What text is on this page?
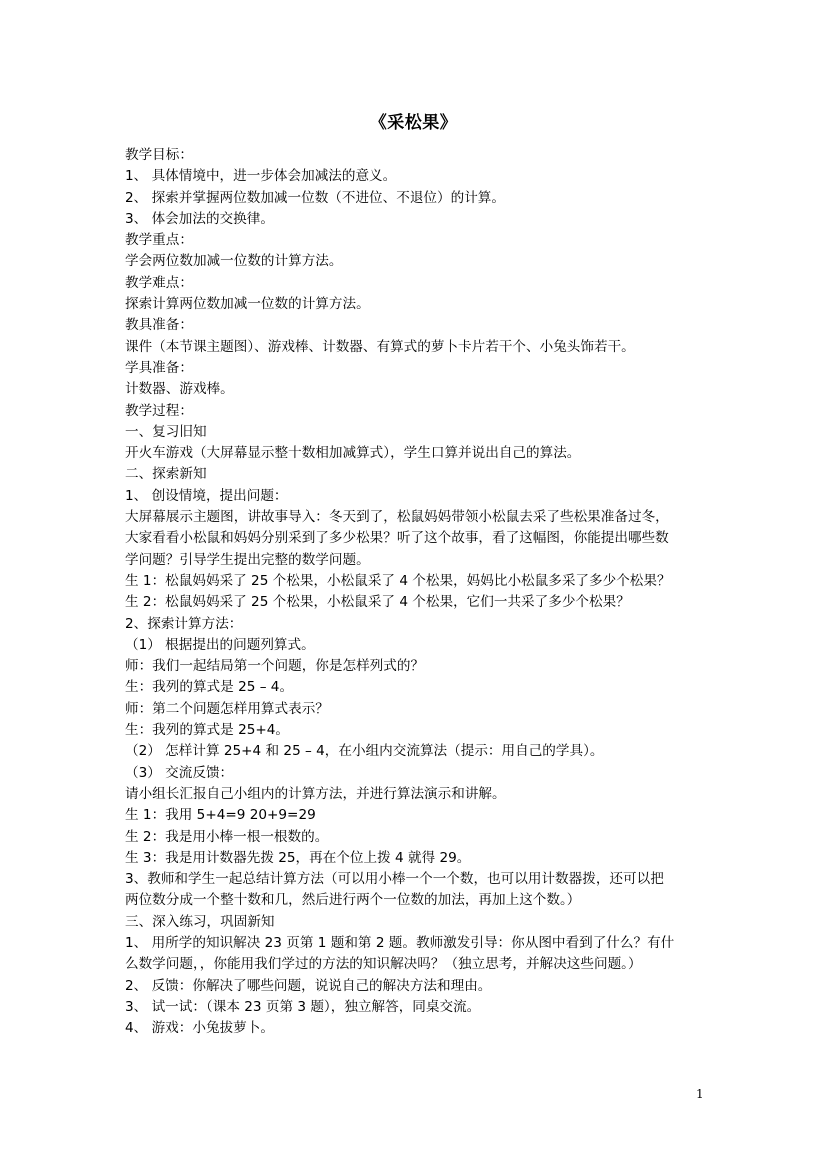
《采松果》
教学目标：
1、 具体情境中，进一步体会加减法的意义。
2、 探索并掌握两位数加减一位数（不进位、不退位）的计算。
3、 体会加法的交换律。
教学重点：
学会两位数加减一位数的计算方法。
教学难点：
探索计算两位数加减一位数的计算方法。
教具准备：
课件（本节课主题图）、游戏棒、计数器、有算式的萝卜卡片若干个、小兔头饰若干。
学具准备：
计数器、游戏棒。
教学过程：
一、复习旧知
开火车游戏（大屏幕显示整十数相加减算式），学生口算并说出自己的算法。
二、探索新知
1、 创设情境，提出问题：
大屏幕展示主题图，讲故事导入：冬天到了，松鼠妈妈带领小松鼠去采了些松果准备过冬，
大家看看小松鼠和妈妈分别采到了多少松果？听了这个故事，看了这幅图，你能提出哪些数
学问题？引导学生提出完整的数学问题。
生 1：松鼠妈妈采了 25 个松果，小松鼠采了 4 个松果，妈妈比小松鼠多采了多少个松果？
生 2：松鼠妈妈采了 25 个松果，小松鼠采了 4 个松果，它们一共采了多少个松果？
2、探索计算方法：
（1） 根据提出的问题列算式。
师：我们一起结局第一个问题，你是怎样列式的？
生：我列的算式是 25 – 4。
师：第二个问题怎样用算式表示？
生：我列的算式是 25+4。
（2） 怎样计算 25+4 和 25 – 4，在小组内交流算法（提示：用自己的学具）。
（3） 交流反馈：
请小组长汇报自己小组内的计算方法，并进行算法演示和讲解。
生 1：我用 5+4=9 20+9=29
生 2：我是用小棒一根一根数的。
生 3：我是用计数器先拨 25，再在个位上拨 4 就得 29。
3、教师和学生一起总结计算方法（可以用小棒一个一个数，也可以用计数器拨，还可以把
两位数分成一个整十数和几，然后进行两个一位数的加法，再加上这个数。）
三、深入练习，巩固新知
1、 用所学的知识解决 23 页第 1 题和第 2 题。教师激发引导：你从图中看到了什么？有什
么数学问题，，你能用我们学过的方法的知识解决吗？（独立思考，并解决这些问题。）
2、 反馈：你解决了哪些问题，说说自己的解决方法和理由。
3、 试一试：（课本 23 页第 3 题），独立解答，同桌交流。
4、 游戏：小兔拔萝卜。
1
